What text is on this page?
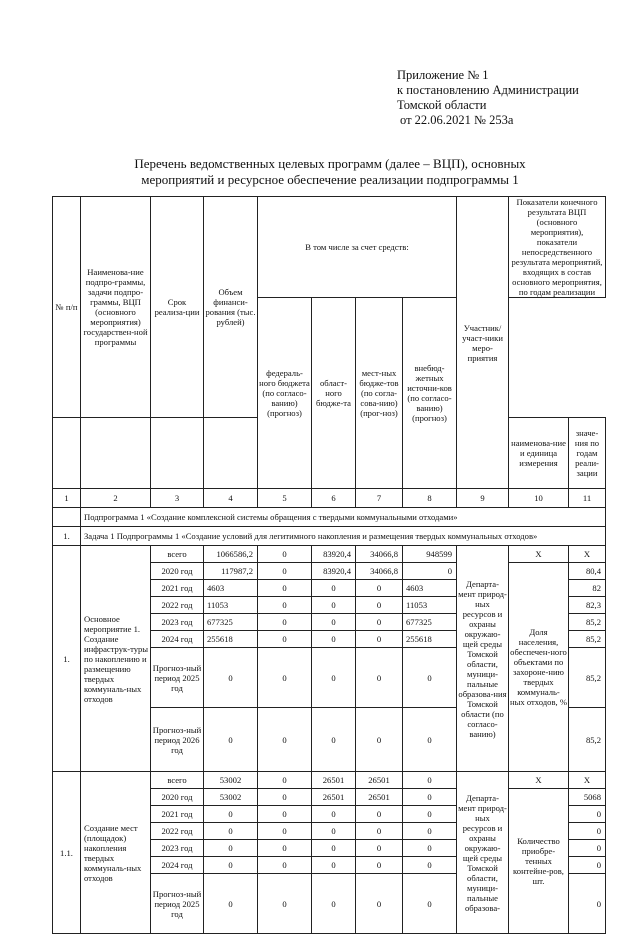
Приложение № 1
к постановлению Администрации
Томской области
от 22.06.2021 № 253а
Перечень ведомственных целевых программ (далее – ВЦП), основных
мероприятий и ресурсное обеспечение реализации подпрограммы 1
№ п/п	Наименова-ние подпро-граммы, задачи подпро-граммы, ВЦП (основного мероприятия) государствен-ной программы	Срок реализа-ции	Объем финанси-рования (тыс. рублей)	В том числе за счет средств:				Участник/участ-ники меро-приятия	Показатели конечного результата ВЦП (основного мероприятия), показатели непосредственного результата мероприятий, входящих в состав основного мероприятия, по годам реализации	
				федераль-ного бюджета (по согласо-ванию) (прогноз)	област-ного бюдже-та	мест-ных бюдже-тов (по согла-сова-нию) (прог-ноз)	внебюд-жетных источни-ков (по согласо-ванию) (прогноз)		
									наименова-ние и единица измерения	значе-ния по годам реали-зации
1	2	3	4	5	6	7	8	9	10	11
	Подпрограмма 1 «Создание комплексной системы обращения с твердыми коммунальными отходами»									
1.	Задача 1 Подпрограммы 1 «Создание условий для легитимного накопления и размещения твердых коммунальных отходов»									
1.	Основное мероприятие 1. Создание инфраструк-туры по накоплению и размещению твердых коммуналь-ных отходов	всего	1066586,2	0	83920,4	34066,8	948599	Департа-мент природ-ных ресурсов и охраны окружаю-щей среды Томской области, муници-пальные образова-ния Томской области (по согласо-ванию)	X	X
		2020 год	117987,2	0	83920,4	34066,8	0		Доля населения, обеспечен-ного объектами по захороне-нию твердых коммуналь-ных отходов, %	80,4
		2021 год	4603	0	0	0	4603			82
		2022 год	11053	0	0	0	11053			82,3
		2023 год	677325	0	0	0	677325			85,2
		2024 год	255618	0	0	0	255618			85,2
		Прогноз-ный период 2025 год	0	0	0	0	0			85,2
		Прогноз-ный период 2026 год	0	0	0	0	0			85,2
1.1.	Создание мест (площадок) накопления твердых коммуналь-ных отходов	всего	53002	0	26501	26501	0	Департа-мент природ-ных ресурсов и охраны окружаю-щей среды Томской области, муници-пальные образова-	X	X
		2020 год	53002	0	26501	26501	0		Количество приобре-тенных контейне-ров, шт.	5068
		2021 год	0	0	0	0	0			0
		2022 год	0	0	0	0	0			0
		2023 год	0	0	0	0	0			0
		2024 год	0	0	0	0	0			0
		Прогноз-ный период 2025 год	0	0	0	0	0			0
